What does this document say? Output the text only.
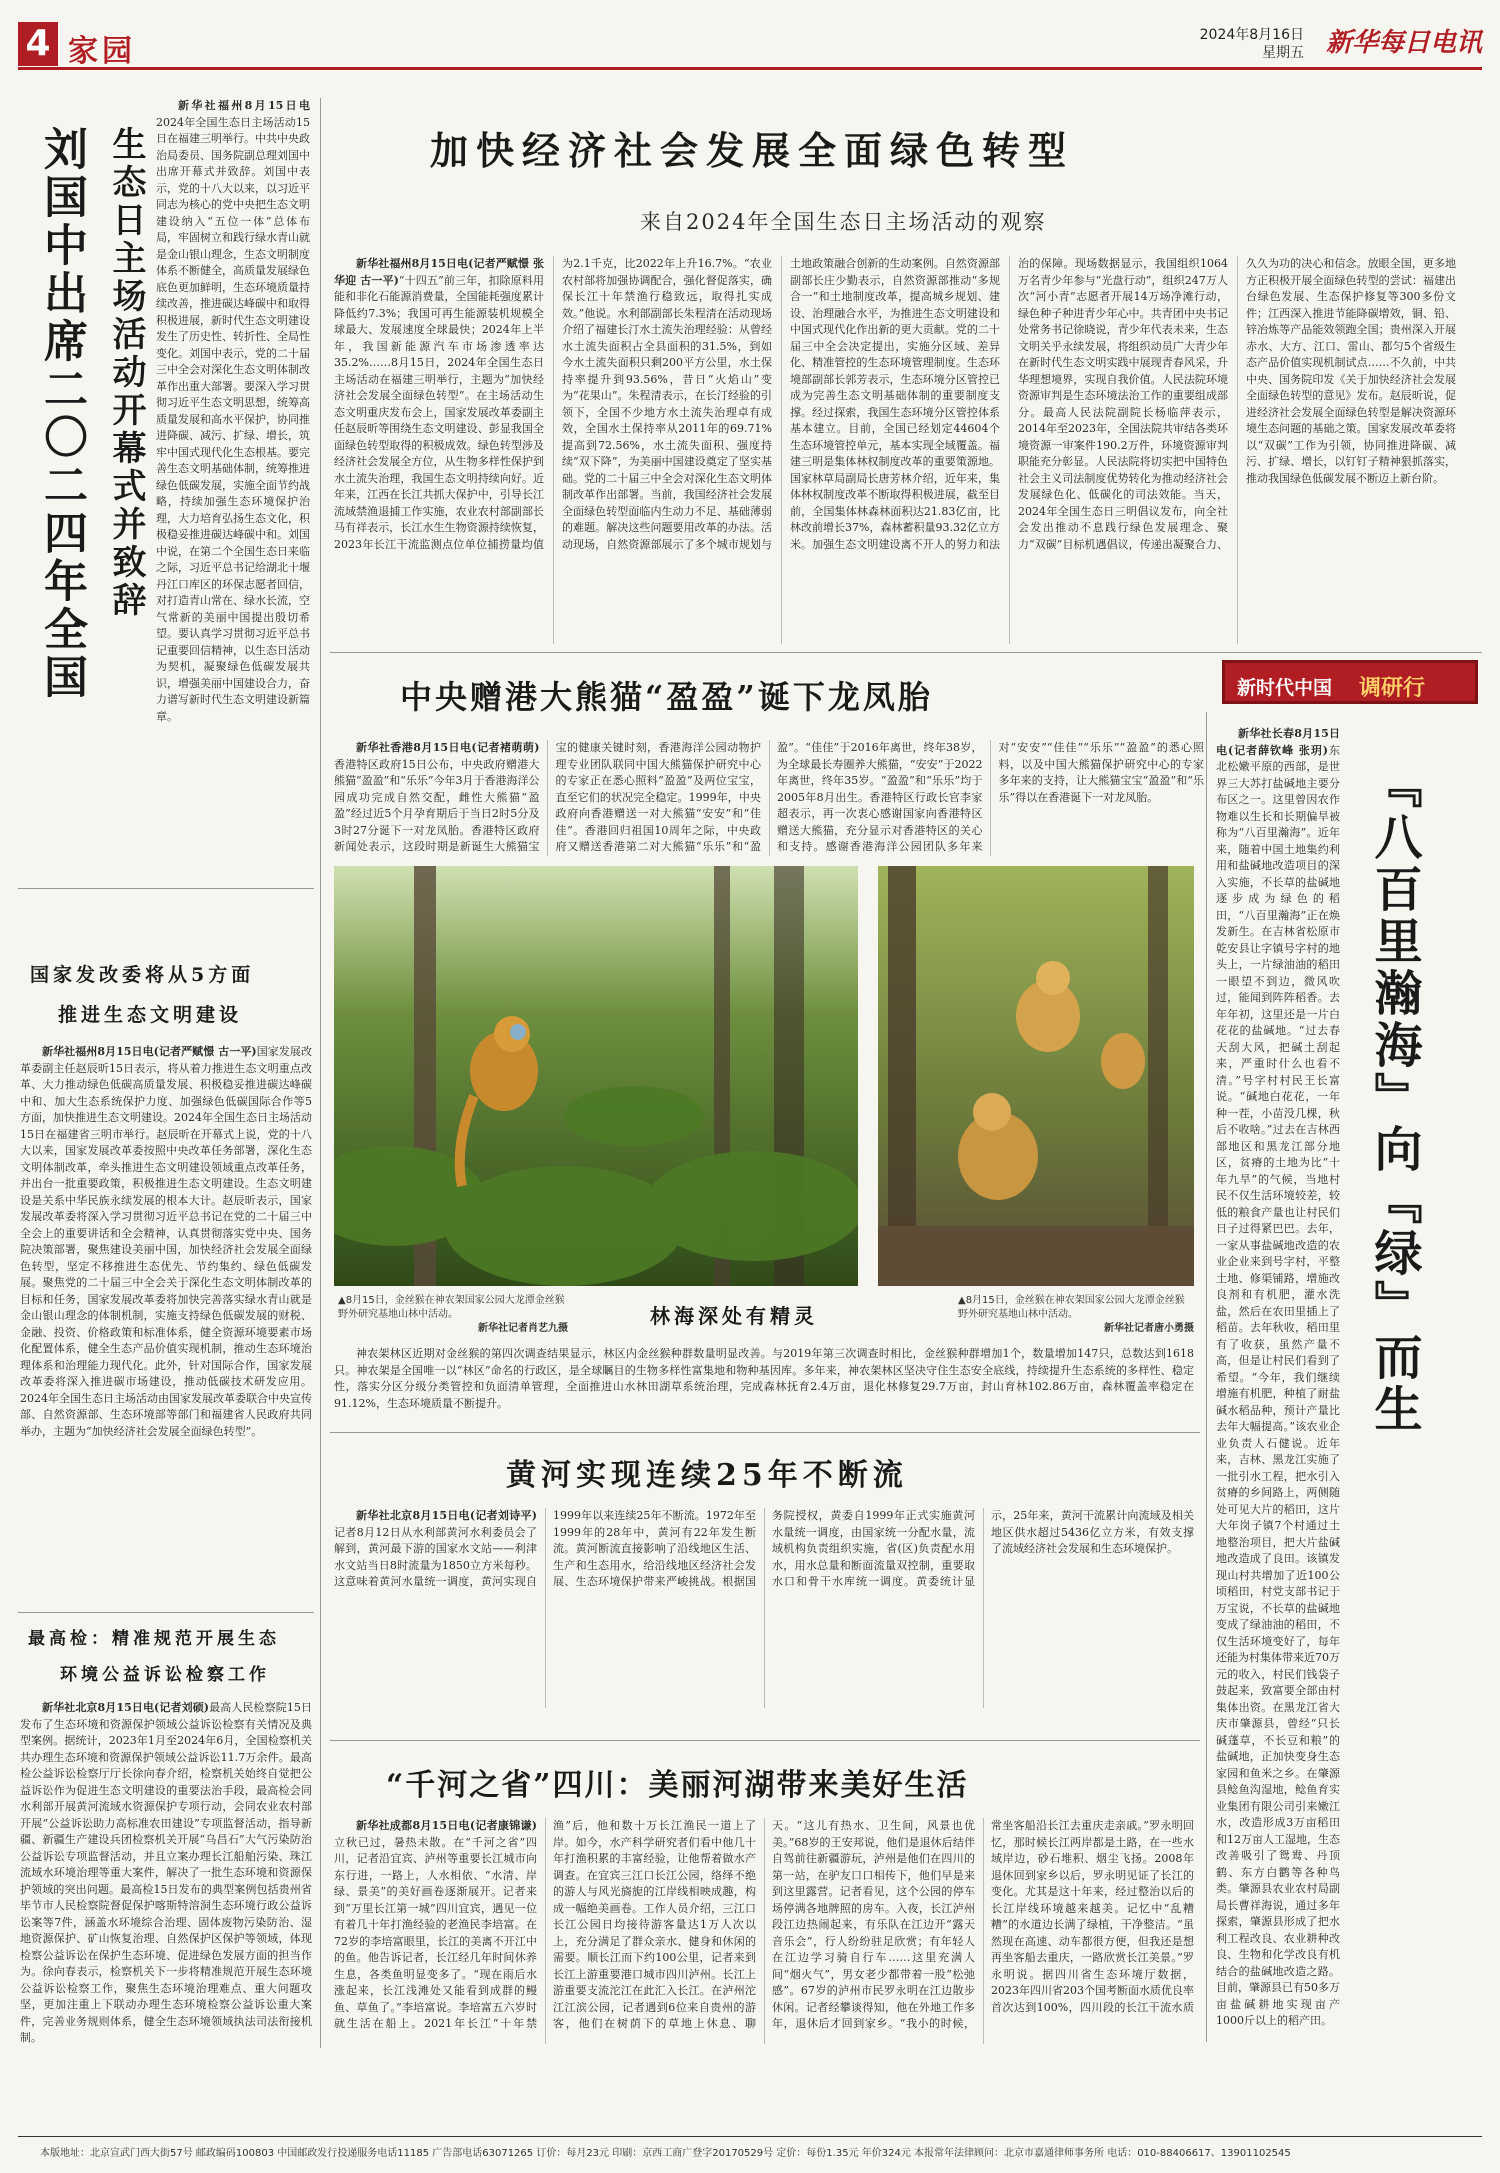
4 家园	2024年8月16日
星期五 新华每日电讯
生态日主场活动开幕式并致辞
刘国中出席二〇二四年全国

新华社福州8月15日电 2024年全国生态日主场活动15日在福建三明举行。中共中央政治局委员、国务院副总理刘国中出席开幕式并致辞。刘国中表示，党的十八大以来，以习近平同志为核心的党中央把生态文明建设纳入“五位一体”总体布局，牢固树立和践行绿水青山就是金山银山理念，生态文明制度体系不断健全，高质量发展绿色底色更加鲜明，生态环境质量持续改善，推进碳达峰碳中和取得积极进展，新时代生态文明建设发生了历史性、转折性、全局性变化。刘国中表示，党的二十届三中全会对深化生态文明体制改革作出重大部署。要深入学习贯彻习近平生态文明思想，统筹高质量发展和高水平保护，协同推进降碳、减污、扩绿、增长，筑牢中国式现代化生态根基。要完善生态文明基础体制，统筹推进绿色低碳发展，实施全面节约战略，持续加强生态环境保护治理，大力培育弘扬生态文化，积极稳妥推进碳达峰碳中和。刘国中说，在第二个全国生态日来临之际，习近平总书记给湖北十堰丹江口库区的环保志愿者回信，对打造青山常在、绿水长流，空气常新的美丽中国提出殷切希望。要认真学习贯彻习近平总书记重要回信精神，以生态日活动为契机，凝聚绿色低碳发展共识，增强美丽中国建设合力，奋力谱写新时代生态文明建设新篇章。

国家发改委将从5方面
推进生态文明建设

新华社福州8月15日电(记者严赋憬 古一平)国家发展改革委副主任赵辰昕15日表示，将从着力推进生态文明重点改革、大力推动绿色低碳高质量发展、积极稳妥推进碳达峰碳中和、加大生态系统保护力度、加强绿色低碳国际合作等5方面，加快推进生态文明建设。2024年全国生态日主场活动15日在福建省三明市举行。赵辰昕在开幕式上说，党的十八大以来，国家发展改革委按照中央改革任务部署，深化生态文明体制改革，牵头推进生态文明建设领域重点改革任务，并出台一批重要政策，积极推进生态文明建设。生态文明建设是关系中华民族永续发展的根本大计。赵辰昕表示，国家发展改革委将深入学习贯彻习近平总书记在党的二十届三中全会上的重要讲话和全会精神，认真贯彻落实党中央、国务院决策部署，聚焦建设美丽中国，加快经济社会发展全面绿色转型，坚定不移推进生态优先、节约集约、绿色低碳发展。聚焦党的二十届三中全会关于深化生态文明体制改革的目标和任务，国家发展改革委将加快完善落实绿水青山就是金山银山理念的体制机制，实施支持绿色低碳发展的财税、金融、投资、价格政策和标准体系，健全资源环境要素市场化配置体系，健全生态产品价值实现机制，推动生态环境治理体系和治理能力现代化。此外，针对国际合作，国家发展改革委将深入推进碳市场建设，推动低碳技术研发应用。2024年全国生态日主场活动由国家发展改革委联合中央宣传部、自然资源部、生态环境部等部门和福建省人民政府共同举办，主题为“加快经济社会发展全面绿色转型”。

最高检：精准规范开展生态
环境公益诉讼检察工作

新华社北京8月15日电(记者刘硕)最高人民检察院15日发布了生态环境和资源保护领域公益诉讼检察有关情况及典型案例。据统计，2023年1月至2024年6月，全国检察机关共办理生态环境和资源保护领域公益诉讼11.7万余件。最高检公益诉讼检察厅厅长徐向春介绍，检察机关始终自觉把公益诉讼作为促进生态文明建设的重要法治手段，最高检会同水利部开展黄河流域水资源保护专项行动，会同农业农村部开展“公益诉讼助力高标准农田建设”专项监督活动，指导新疆、新疆生产建设兵团检察机关开展“乌昌石”大气污染防治公益诉讼专项监督活动，并且立案办理长江船舶污染、珠江流域水环境治理等重大案件，解决了一批生态环境和资源保护领域的突出问题。最高检15日发布的典型案例包括贵州省毕节市人民检察院督促保护喀斯特溶洞生态环境行政公益诉讼案等7件，涵盖水环境综合治理、固体废物污染防治、湿地资源保护、矿山恢复治理、自然保护区保护等领域，体现检察公益诉讼在保护生态环境、促进绿色发展方面的担当作为。徐向春表示，检察机关下一步将精准规范开展生态环境公益诉讼检察工作，聚焦生态环境治理难点、重大问题攻坚，更加注重上下联动办理生态环境检察公益诉讼重大案件，完善业务规则体系，健全生态环境领域执法司法衔接机制。

加快经济社会发展全面绿色转型
来自2024年全国生态日主场活动的观察

新华社福州8月15日电(记者严赋憬 张华迎 古一平)“十四五”前三年，扣除原料用能和非化石能源消费量，全国能耗强度累计降低约7.3%；我国可再生能源装机规模全球最大、发展速度全球最快；2024年上半年，我国新能源汽车市场渗透率达35.2%……8月15日，2024年全国生态日主场活动在福建三明举行，主题为“加快经济社会发展全面绿色转型”。在主场活动生态文明重庆发布会上，国家发展改革委副主任赵辰昕等围绕生态文明建设、彭显我国全面绿色转型取得的积极成效。绿色转型涉及经济社会发展全方位，从生物多样性保护到水土流失治理，我国生态文明持续向好。近年来，江西在长江共抓大保护中，引导长江流域禁渔退捕工作实施，农业农村部副部长马有祥表示，长江水生生物资源持续恢复，2023年长江干流监测点位单位捕捞量均值为2.1千克，比2022年上升16.7%。“农业农村部将加强协调配合，强化督促落实，确保长江十年禁渔行稳致远，取得扎实成效。”他说。水利部副部长朱程清在活动现场介绍了福建长汀水土流失治理经验：从曾经水土流失面积占全县面积的31.5%，到如今水土流失面积只剩200平方公里，水土保持率提升到93.56%，昔日“火焰山”变为“花果山”。朱程清表示，在长汀经验的引领下，全国不少地方水土流失治理卓有成效，全国水土保持率从2011年的69.71%提高到72.56%，水土流失面积、强度持续“双下降”，为美丽中国建设奠定了坚实基础。党的二十届三中全会对深化生态文明体制改革作出部署。当前，我国经济社会发展全面绿色转型面临内生动力不足、基础薄弱的难题。解决这些问题要用改革的办法。活动现场，自然资源部展示了多个城市规划与土地政策融合创新的生动案例。自然资源部副部长庄少勤表示，自然资源部推动“多规合一”和土地制度改革，提高城乡规划、建设、治理融合水平，为推进生态文明建设和中国式现代化作出新的更大贡献。党的二十届三中全会决定提出，实施分区域、差异化、精准管控的生态环境管理制度。生态环境部副部长郭芳表示，生态环境分区管控已成为完善生态文明基础体制的重要制度支撑。经过探索，我国生态环境分区管控体系基本建立。目前，全国已经划定44604个生态环境管控单元，基本实现全域覆盖。福建三明是集体林权制度改革的重要策源地。国家林草局副局长唐芳林介绍，近年来，集体林权制度改革不断取得积极进展，截至目前，全国集体林森林面积达21.83亿亩，比林改前增长37%，森林蓄积量93.32亿立方米。加强生态文明建设离不开人的努力和法治的保障。现场数据显示，我国组织1064万名青少年参与“光盘行动”，组织247万人次“河小青”志愿者开展14万场净滩行动，绿色种子种进青少年心中。共青团中央书记处常务书记徐晓说，青少年代表未来，生态文明关乎永续发展，将组织动员广大青少年在新时代生态文明实践中展现青春风采，升华理想境界，实现自我价值。人民法院环境资源审判是生态环境法治工作的重要组成部分。最高人民法院副院长杨临萍表示，2014年至2023年，全国法院共审结各类环境资源一审案件190.2万件，环境资源审判职能充分彰显。人民法院将切实把中国特色社会主义司法制度优势转化为推动经济社会发展绿色化、低碳化的司法效能。当天，2024年全国生态日三明倡议发布，向全社会发出推动不息践行绿色发展理念、聚力“双碳”目标机遇倡议，传递出凝聚合力、久久为功的决心和信念。放眼全国，更多地方正积极开展全面绿色转型的尝试：福建出台绿色发展、生态保护修复等300多份文件；江西深入推进节能降碳增效，铜、铅、锌冶炼等产品能效领跑全国；贵州深入开展赤水、大方、江口、雷山、都匀5个省级生态产品价值实现机制试点……不久前，中共中央、国务院印发《关于加快经济社会发展全面绿色转型的意见》发布。赵辰昕说，促进经济社会发展全面绿色转型是解决资源环境生态问题的基础之策。国家发展改革委将以“双碳”工作为引领，协同推进降碳、减污、扩绿、增长，以钉钉子精神狠抓落实，推动我国绿色低碳发展不断迈上新台阶。

新时代中国 调研行
中央赠港大熊猫“盈盈”诞下龙凤胎

新华社香港8月15日电(记者褚萌萌)香港特区政府15日公布，中央政府赠港大熊猫“盈盈”和“乐乐”今年3月于香港海洋公园成功完成自然交配，雌性大熊猫“盈盈”经过近5个月孕育期后于当日2时5分及3时27分诞下一对龙凤胎。香港特区政府新闻处表示，这段时期是新诞生大熊猫宝宝的健康关键时刻，香港海洋公园动物护理专业团队联同中国大熊猫保护研究中心的专家正在悉心照料“盈盈”及两位宝宝，直至它们的状况完全稳定。1999年，中央政府向香港赠送一对大熊猫“安安”和“佳佳”。香港回归祖国10周年之际，中央政府又赠送香港第二对大熊猫“乐乐”和“盈盈”。“佳佳”于2016年离世，终年38岁，为全球最长寿圈养大熊猫，“安安”于2022年离世，终年35岁。“盈盈”和“乐乐”均于2005年8月出生。香港特区行政长官李家超表示，再一次衷心感谢国家向香港特区赠送大熊猫，充分显示对香港特区的关心和支持。感谢香港海洋公园团队多年来对“安安”“佳佳”“乐乐”“盈盈”的悉心照料，以及中国大熊猫保护研究中心的专家多年来的支持，让大熊猫宝宝“盈盈”和“乐乐”得以在香港诞下一对龙凤胎。

▲8月15日，金丝猴在神农架国家公园大龙潭金丝猴野外研究基地山林中活动。
新华社记者肖艺九摄
林海深处有精灵
▲8月15日，金丝猴在神农架国家公园大龙潭金丝猴野外研究基地山林中活动。
新华社记者唐小勇摄

神农架林区近期对金丝猴的第四次调查结果显示，林区内金丝猴种群数量明显改善。与2019年第三次调查时相比，金丝猴种群增加1个，数量增加147只，总数达到1618只。神农架是全国唯一以“林区”命名的行政区，是全球瞩目的生物多样性富集地和物种基因库。多年来，神农架林区坚决守住生态安全底线，持续提升生态系统的多样性、稳定性，落实分区分级分类管控和负面清单管理，全面推进山水林田湖草系统治理，完成森林抚育2.4万亩，退化林修复29.7万亩，封山育林102.86万亩，森林覆盖率稳定在91.12%，生态环境质量不断提升。

新华社长春8月15日电(记者薛钦峰 张玥)东北松嫩平原的西部，是世界三大苏打盐碱地主要分布区之一。这里曾因农作物难以生长和长期偏旱被称为“八百里瀚海”。近年来，随着中国土地集约利用和盐碱地改造项目的深入实施，不长草的盐碱地逐步成为绿色的稻田，“八百里瀚海”正在焕发新生。在吉林省松原市乾安县让字镇号字村的地头上，一片绿油油的稻田一眼望不到边，微风吹过，能闻到阵阵稻香。去年年初，这里还是一片白花花的盐碱地。“过去春天刮大风，把碱土刮起来，严重时什么也看不清。”号字村村民王长富说。“碱地白花花，一年种一茬，小苗没几棵，秋后不收啥。”过去在吉林西部地区和黑龙江部分地区，贫瘠的土地为比“十年九旱”的气候，当地村民不仅生活环境较差，较低的粮食产量也让村民们日子过得紧巴巴。去年，一家从事盐碱地改造的农业企业来到号字村，平整土地、修渠铺路，增施改良剂和有机肥，灌水洗盐，然后在农田里插上了稻苗。去年秋收，稻田里有了收获，虽然产量不高，但是让村民们看到了希望。“今年，我们继续增施有机肥，种植了耐盐碱水稻品种，预计产量比去年大幅提高。”该农业企业负责人石健说。近年来，吉林、黑龙江实施了一批引水工程，把水引入贫瘠的乡间路上，两侧随处可见大片的稻田，这片大年岗子镇7个村通过土地整治项目，把大片盐碱地改造成了良田。该镇发现山村共增加了近100公顷稻田，村党支部书记于万宝说，不长草的盐碱地变成了绿油油的稻田，不仅生活环境变好了，每年还能为村集体带来近70万元的收入，村民们钱袋子鼓起来，致富要全部由村集体出资。在黑龙江省大庆市肇源县，曾经“只长碱蓬草，不长豆和粮”的盐碱地，正加快变身生态家园和鱼米之乡。在肇源县鲶鱼沟湿地，鲶鱼育实业集团有限公司引来嫩江水，改造形成3万亩稻田和12万亩人工湿地，生态改善吸引了鸳鸯、丹顶鹤、东方白鹳等各种鸟类。肇源县农业农村局副局长曹祥海说，通过多年探索，肇源县形成了把水利工程改良、农业耕种改良、生物和化学改良有机结合的盐碱地改造之路。目前，肇源县已有50多万亩盐碱耕地实现亩产1000斤以上的稻产田。

『八百里瀚海』向『绿』而生
黄河实现连续25年不断流

新华社北京8月15日电(记者刘诗平)记者8月12日从水利部黄河水利委员会了解到，黄河最下游的国家水文站——利津水文站当日8时流量为1850立方米每秒。这意味着黄河水量统一调度，黄河实现自1999年以来连续25年不断流。1972年至1999年的28年中，黄河有22年发生断流。黄河断流直接影响了沿线地区生活、生产和生态用水，给沿线地区经济社会发展、生态环境保护带来严峻挑战。根据国务院授权，黄委自1999年正式实施黄河水量统一调度，由国家统一分配水量，流域机构负责组织实施，省(区)负责配水用水，用水总量和断面流量双控制，重要取水口和骨干水库统一调度。黄委统计显示，25年来，黄河干流累计向流域及相关地区供水超过5436亿立方米，有效支撑了流域经济社会发展和生态环境保护。

“千河之省”四川：美丽河湖带来美好生活

新华社成都8月15日电(记者康锦谦)立秋已过，暑热未散。在“千河之省”四川，记者沿宜宾、泸州等重要长江城市向东行进，一路上，人水相依、“水清、岸绿、景美”的美好画卷逐渐展开。记者来到“万里长江第一城”四川宜宾，遇见一位有着几十年打渔经验的老渔民李培富。在72岁的李培富眼里，长江的美离不开江中的鱼。他告诉记者，长江经几年时间休养生息，各类鱼明显变多了。“现在雨后水涨起来，长江浅滩处又能看到成群的鳗鱼、草鱼了。”李培富说。李培富五六岁时就生活在船上。2021年长江“十年禁渔”后，他和数十万长江渔民一道上了岸。如今，水产科学研究者们看中他几十年打渔积累的丰富经验，让他帮着做水产调查。在宜宾三江口长江公园，络绎不绝的游人与风光旖旎的江岸线相映成趣，构成一幅绝美画卷。工作人员介绍，三江口长江公园日均接待游客量达1万人次以上，充分满足了群众亲水、健身和休闲的需要。顺长江而下约100公里，记者来到长江上游重要港口城市四川泸州。长江上游重要支流沱江在此汇入长江。在泸州沱江江滨公园，记者遇到6位来自贵州的游客，他们在树荫下的草地上休息、聊天。“这儿有热水、卫生间，风景也优美。”68岁的王安邦说，他们是退休后结伴自驾前往新疆游玩，泸州是他们在四川的第一站，在驴友口口相传下，他们早是来到这里露营。记者看见，这个公园的停车场停满各地牌照的房车。入夜，长江泸州段江边热闹起来，有乐队在江边开“露天音乐会”，行人纷纷驻足欣赏；有年轻人在江边学习骑自行车……这里充满人间“烟火气”，男女老少都带着一股“松弛感”。67岁的泸州市民罗永明在江边散步休闲。记者经攀谈得知，他在外地工作多年，退休后才回到家乡。“我小的时候，常坐客船沿长江去重庆走亲戚。”罗永明回忆，那时候长江两岸都是土路，在一些水域岸边，砂石堆积、烟尘飞扬。2008年退休回到家乡以后，罗永明见证了长江的变化。尤其是这十年来，经过整治以后的长江岸线环境越来越美。记忆中“乱糟糟”的水道边长满了绿植，干净整洁。“虽然现在高速、动车都很方便，但我还是想再坐客船去重庆，一路欣赏长江美景。”罗永明说。据四川省生态环境厅数据，2023年四川省203个国考断面水质优良率首次达到100%，四川段的长江干流水质

本版地址：北京宣武门西大街57号 邮政编码100803 中国邮政发行投递服务电话11185 广告部电话63071265 订价：每月23元 印刷：京西工商广登字20170529号 定价：每份1.35元 年价324元 本报常年法律顾问：北京市嘉通律师事务所 电话：010-88406617、13901102545
